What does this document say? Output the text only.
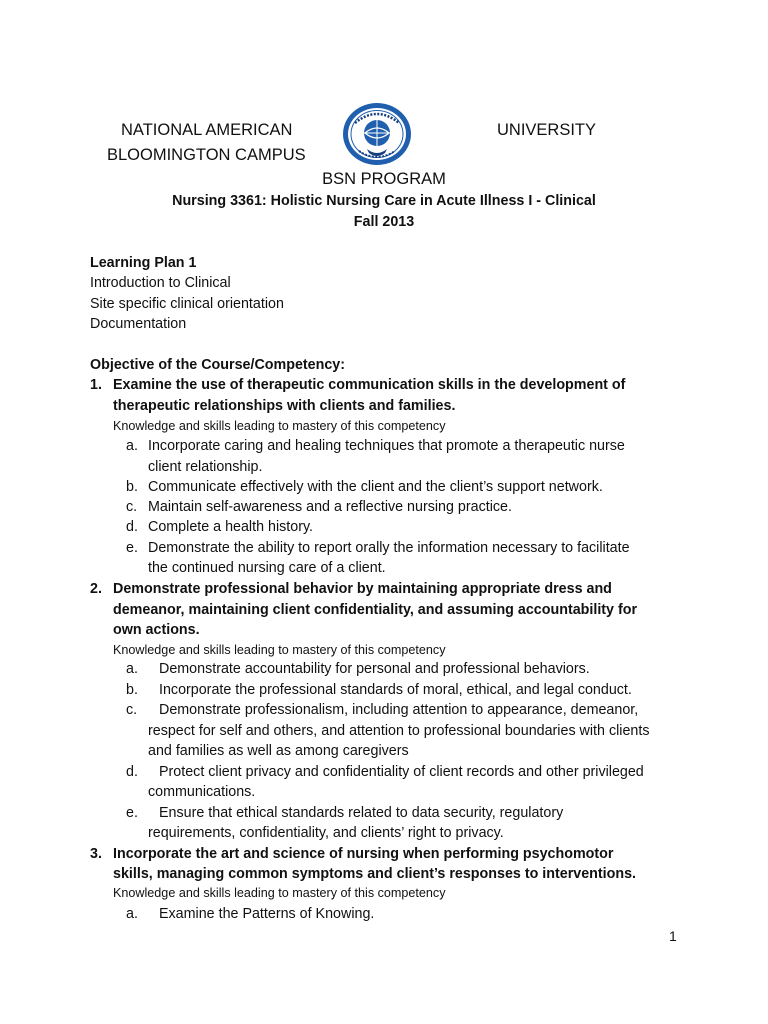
NATIONAL AMERICAN	UNIVERSITY
BLOOMINGTON CAMPUS
BSN PROGRAM
Nursing 3361: Holistic Nursing Care in Acute Illness I - Clinical
Fall 2013
Learning Plan 1
Introduction to Clinical
Site specific clinical orientation
Documentation
Objective of the Course/Competency:
1. Examine the use of therapeutic communication skills in the development of
therapeutic relationships with clients and families.
Knowledge and skills leading to mastery of this competency
a. Incorporate caring and healing techniques that promote a therapeutic nurse
client relationship.
b. Communicate effectively with the client and the client’s support network.
c. Maintain self-awareness and a reflective nursing practice.
d. Complete a health history.
e. Demonstrate the ability to report orally the information necessary to facilitate
the continued nursing care of a client.
2. Demonstrate professional behavior by maintaining appropriate dress and
demeanor, maintaining client confidentiality, and assuming accountability for
own actions.
Knowledge and skills leading to mastery of this competency
a. Demonstrate accountability for personal and professional behaviors.
b. Incorporate the professional standards of moral, ethical, and legal conduct.
c. Demonstrate professionalism, including attention to appearance, demeanor,
respect for self and others, and attention to professional boundaries with clients
and families as well as among caregivers
d. Protect client privacy and confidentiality of client records and other privileged
communications.
e. Ensure that ethical standards related to data security, regulatory
requirements, confidentiality, and clients’ right to privacy.
3. Incorporate the art and science of nursing when performing psychomotor
skills, managing common symptoms and client’s responses to interventions.
Knowledge and skills leading to mastery of this competency
a. Examine the Patterns of Knowing.
1
